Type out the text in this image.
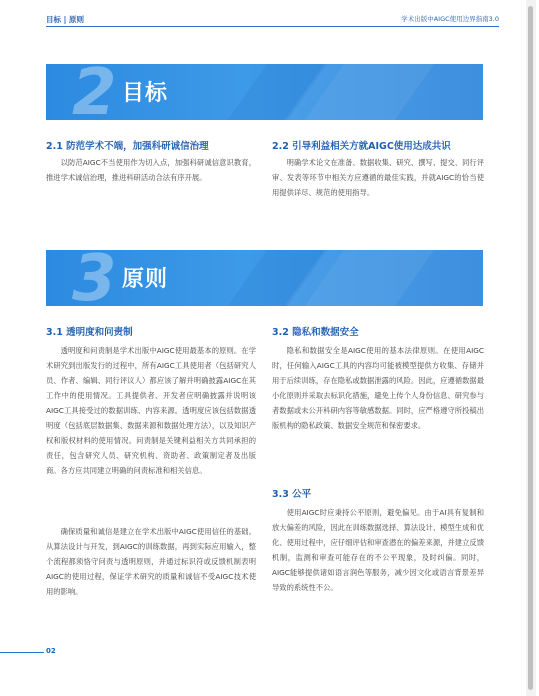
目标 | 原则	学术出版中AIGC使用边界指南3.0
2 目标
2.1 防范学术不端，加强科研诚信治理

以防范AIGC不当使用作为切入点，加强科研诚信意识教育，推进学术诚信治理，推进科研活动合法有序开展。

2.2 引导利益相关方就AIGC使用达成共识

明确学术论文在准备、数据收集、研究、撰写、提交、同行评审、发表等环节中相关方应遵循的最佳实践，并就AIGC的恰当使用提供详尽、规范的使用指导。

3 原则
3.1 透明度和问责制

透明度和问责制是学术出版中AIGC使用最基本的原则。在学术研究到出版发行的过程中，所有AIGC工具使用者（包括研究人员、作者、编辑、同行评议人）都应该了解并明确披露AIGC在其工作中的使用情况。工具提供者、开发者应明确披露并说明该AIGC工具接受过的数据训练、内容来源。透明度应该包括数据透明度（包括底层数据集、数据来源和数据处理方法），以及知识产权和版权材料的使用情况。问责制是关键利益相关方共同承担的责任，包含研究人员、研究机构、资助者、政策制定者及出版商。各方应共同建立明确的问责标准和相关信息。

确保质量和诚信是建立在学术出版中AIGC使用信任的基础。从算法设计与开发，到AIGC的训练数据，再到实际应用输入，整个流程都须恪守问责与透明原则，并通过标识符或反馈机制表明AIGC的使用过程，保证学术研究的质量和诚信不受AIGC技术使用的影响。

3.2 隐私和数据安全

隐私和数据安全是AIGC使用的基本法律原则。在使用AIGC时，任何输入AIGC工具的内容均可能被模型提供方收集、存储并用于后续训练，存在隐私或数据泄露的风险。因此，应遵循数据最小化原则并采取去标识化措施，避免上传个人身份信息、研究参与者数据或未公开科研内容等敏感数据。同时，应严格遵守所投稿出版机构的隐私政策、数据安全规范和保密要求。

3.3 公平

使用AIGC时应秉持公平原则，避免偏见。由于AI具有复制和放大偏差的风险，因此在训练数据选择、算法设计、模型生成和优化、使用过程中，应仔细评估和审查潜在的偏差来源，并建立反馈机制，监测和审查可能存在的不公平现象，及时纠偏。同时，AIGC能够提供诸如语言润色等服务，减少因文化或语言背景差异导致的系统性不公。

02
